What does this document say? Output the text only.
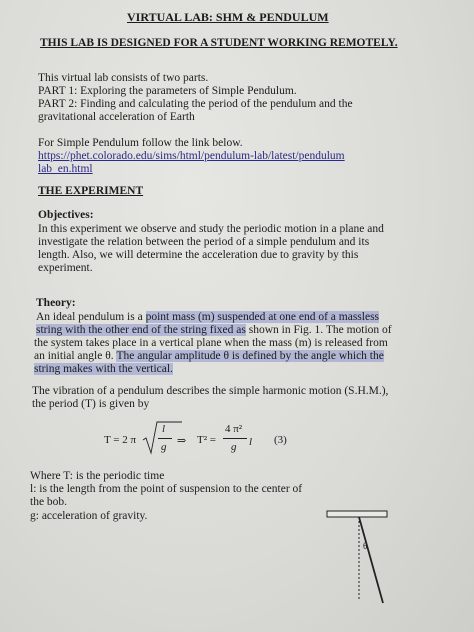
VIRTUAL LAB: SHM & PENDULUM
THIS LAB IS DESIGNED FOR A STUDENT WORKING REMOTELY.
This virtual lab consists of two parts.
PART 1: Exploring the parameters of Simple Pendulum.
PART 2: Finding and calculating the period of the pendulum and the
gravitational acceleration of Earth
For Simple Pendulum follow the link below.
https://phet.colorado.edu/sims/html/pendulum-lab/latest/pendulum
lab_en.html
THE EXPERIMENT
Objectives:
In this experiment we observe and study the periodic motion in a plane and
investigate the relation between the period of a simple pendulum and its
length. Also, we will determine the acceleration due to gravity by this
experiment.
Theory:
An ideal pendulum is a point mass (m) suspended at one end of a massless
string with the other end of the string fixed as shown in Fig. 1. The motion of
the system takes place in a vertical plane when the mass (m) is released from
an initial angle θ. The angular amplitude θ is defined by the angle which the
string makes with the vertical.
The vibration of a pendulum describes the simple harmonic motion (S.H.M.),
the period (T) is given by
T = 2 π
l
g ⇒ T² =
4 π²
g l (3)
Where T: is the periodic time
l: is the length from the point of suspension to the center of
the bob.
g: acceleration of gravity.
θ
